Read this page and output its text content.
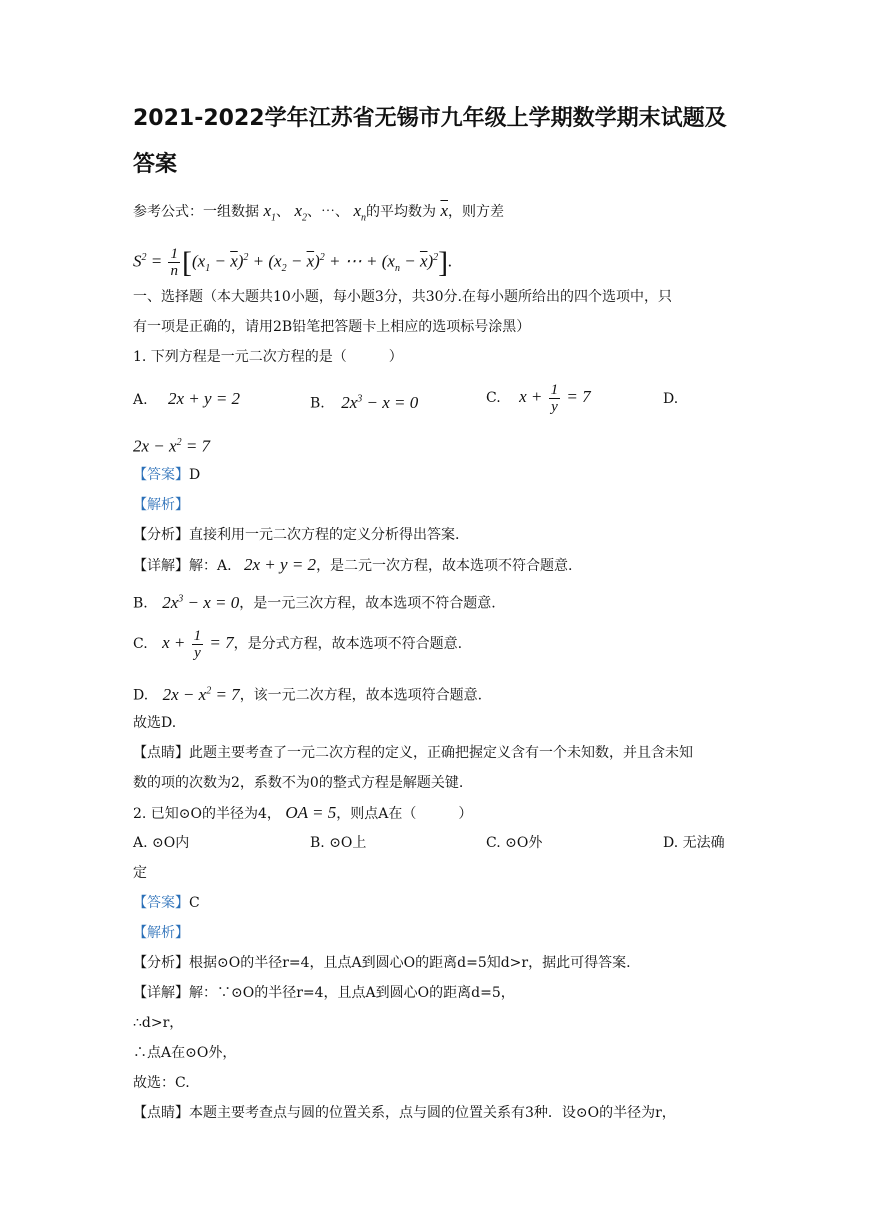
2021-2022学年江苏省无锡市九年级上学期数学期末试题及
答案
参考公式：一组数据 $x_1$、 $x_2$、⋯、 $x_n$的平均数为 $\overline{x}$，则方差
$S^2 = \frac{1}{n} [(x_1 - \overline{x})^2 + (x_2 - \overline{x})^2$ + ⋯ + $(x_n - \overline{x})^2$].
一、选择题（本大题共10小题，每小题3分，共30分.在每小题所给出的四个选项中，只
有一项是正确的，请用2B铅笔把答题卡上相应的选项标号涂黑）
1. 下列方程是一元二次方程的是（　　　）
A. 2x + y = 2	B. $2x^3 - x = 0$	C. $x + \frac{1}{y} = 7$	D.
$2x - x^2 = 7$
【答案】D
【解析】
【分析】直接利用一元二次方程的定义分析得出答案.
【详解】解：A. 2x + y = 2，是二元一次方程，故本选项不符合题意.
B. $2x^3 - x = 0$，是一元三次方程，故本选项不符合题意.
C. $x + \frac{1}{y} = 7$，是分式方程，故本选项不符合题意.
D. $2x - x^2 = 7$，该一元二次方程，故本选项符合题意.
故选D.
【点睛】此题主要考查了一元二次方程的定义，正确把握定义含有一个未知数，并且含未知
数的项的次数为2，系数不为0的整式方程是解题关键.
2. 已知⊙O的半径为4， OA = 5，则点A在（　　　）
A. ⊙O内	B. ⊙O上	C. ⊙O外	D. 无法确
定
【答案】C
【解析】
【分析】根据⊙O的半径r=4，且点A到圆心O的距离d=5知d>r，据此可得答案.
【详解】解：∵⊙O的半径r=4，且点A到圆心O的距离d=5，
∴d>r，
∴点A在⊙O外，
故选：C.
【点睛】本题主要考查点与圆的位置关系，点与圆的位置关系有3种．设⊙O的半径为r，
